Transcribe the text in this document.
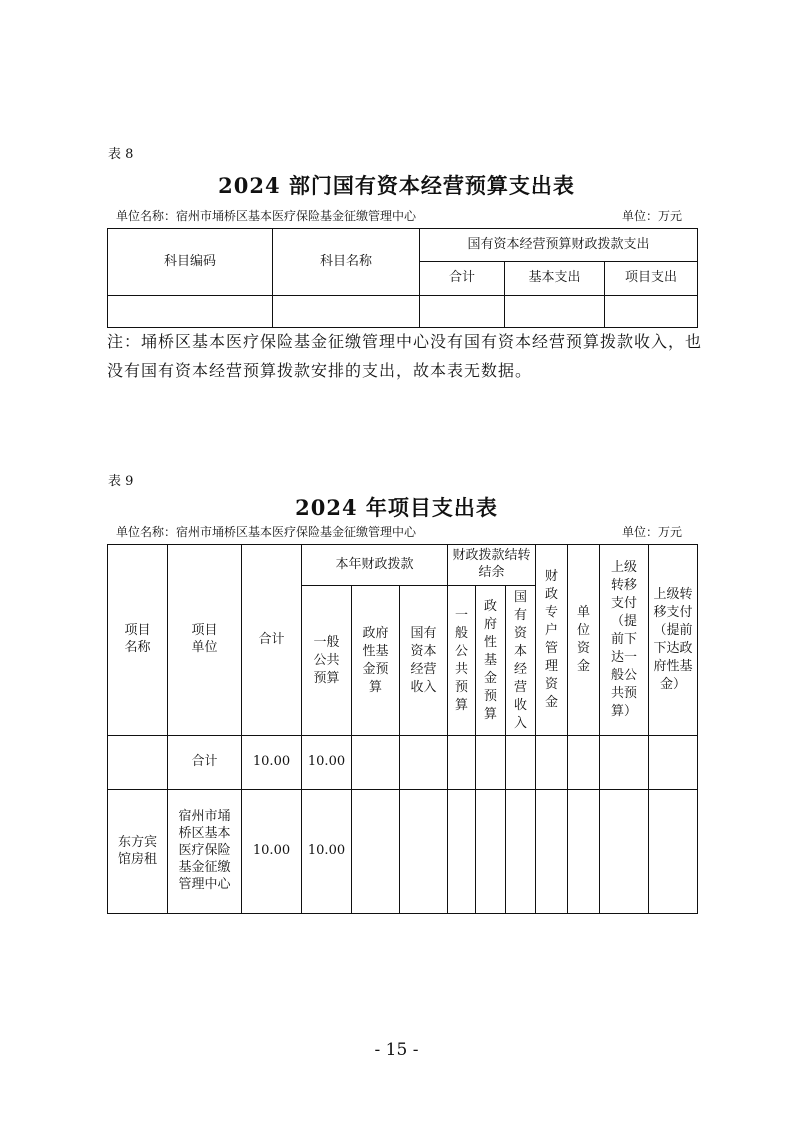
表 8
2024 部门国有资本经营预算支出表
单位名称：宿州市埇桥区基本医疗保险基金征缴管理中心	单位：万元
科目编码	科目名称	国有资本经营预算财政拨款支出		
		合计	基本支出	项目支出

注：埇桥区基本医疗保险基金征缴管理中心没有国有资本经营预算拨款收入，也没有国有资本经营预算拨款安排的支出，故本表无数据。
表 9
2024 年项目支出表
单位名称：宿州市埇桥区基本医疗保险基金征缴管理中心	单位：万元
项目名称	项目单位	合计	本年财政拨款			财政拨款结转结余			财政专户管理资金	单位资金	上级转移支付（提前下达一般公共预算）	上级转移支付（提前下达政府性基金）
			一般公共预算	政府性基金预算	国有资本经营收入	一般公共预算	政府性基金预算	国有资本经营收入				
	合计	10.00	10.00									
东方宾馆房租	宿州市埇桥区基本医疗保险基金征缴管理中心	10.00	10.00									
- 15 -
